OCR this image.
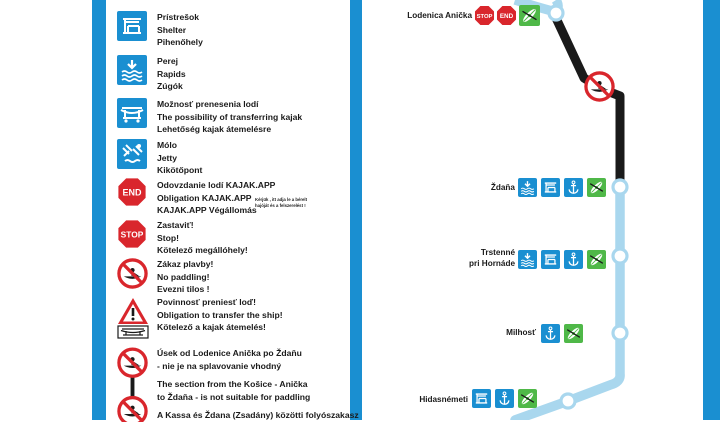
Prístrešok
Shelter
Pihenőhely
Perej
Rapids
Zúgók
Možnosť prenesenia lodí
The possibility of transferring kajak
Lehetőség kajak átemelésre
Mólo
Jetty
Kikötőpont
END
Odovzdanie lodí KAJAK.APP
Obligation KAJAK.APP
KAJAK.APP Végállomás
Kérjük , itt adja le a bérelt hajóját és a felszerelést !
STOP
Zastaviť!
Stop!
Kötelező megállóhely!
Zákaz plavby!
No paddling!
Evezni tilos !
Povinnosť preniesť loď!
Obligation to transfer the ship!
Kötelező a kajak átemelés!
Úsek od Lodenice Anička po Ždaňu
- nie je na splavovanie vhodný
The section from the Košice - Anička
to Ždaňa - is not suitable for paddling
A Kassa és Ždana (Zsadány) közötti folyószakasz
Lodenica Anička STOP END
Ždaňa
Trstenné
pri Hornáde
Milhosť
Hidasnémeti
